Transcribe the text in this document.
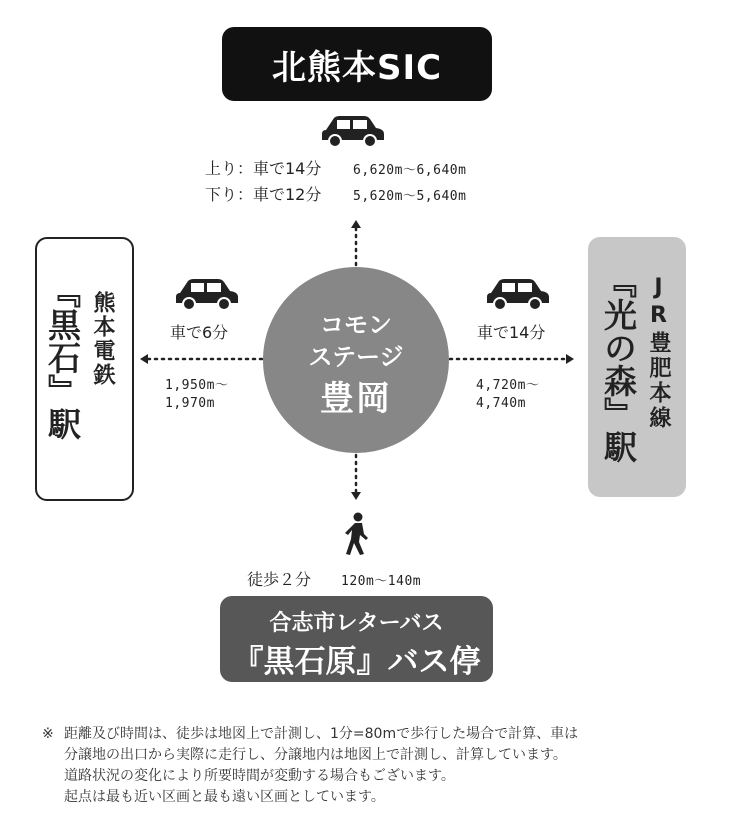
北熊本SIC
上り：車で14分 6,620m～6,640m
下り：車で12分 5,620m～5,640m
熊本電鉄
『黒石』駅	車で6分
1,950m～
1,970m
コモン
ステージ
豊岡
車で14分
4,720m～
4,740m	JR豊肥本線
『光の森』駅
徒歩２分 120m～140m
合志市レターバス
『黒石原』バス停
※ 距離及び時間は、徒歩は地図上で計測し、1分=80mで歩行した場合で計算、車は
分譲地の出口から実際に走行し、分譲地内は地図上で計測し、計算しています。
道路状況の変化により所要時間が変動する場合もございます。
起点は最も近い区画と最も遠い区画としています。
